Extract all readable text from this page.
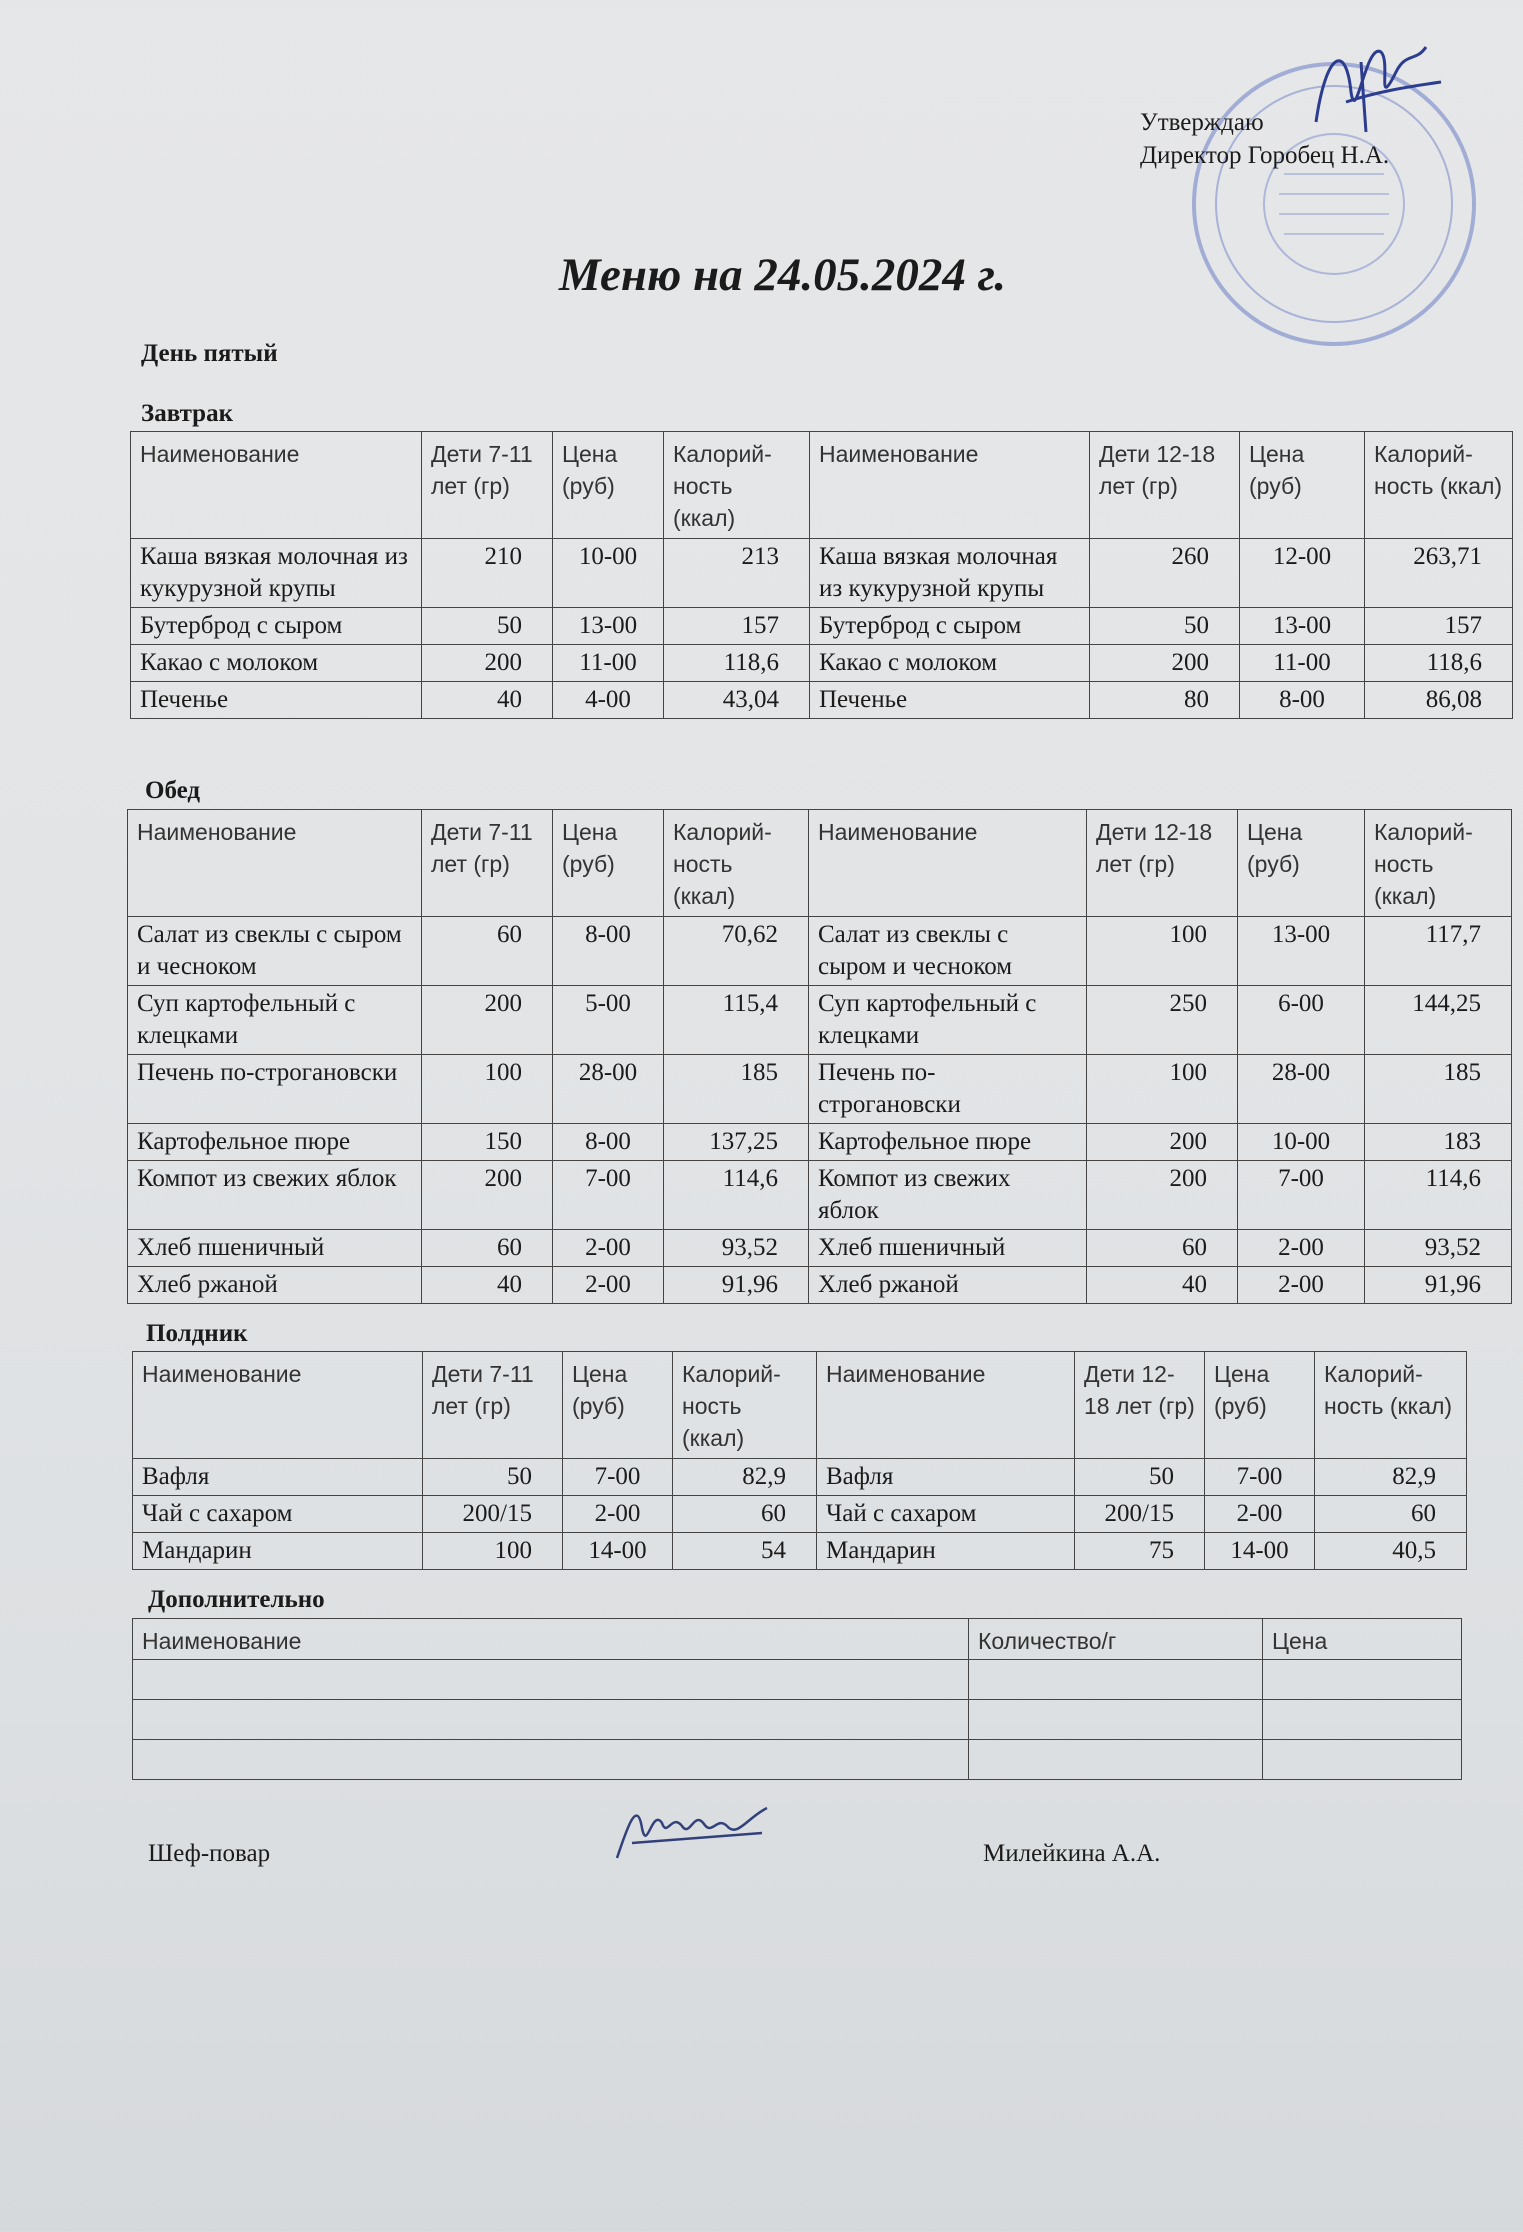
Утверждаю
Директор Горобец Н.А.
Меню на 24.05.2024 г.
День пятый
Завтрак
Наименование	Дети 7-11 лет (гр)	Цена (руб)	Калорий-ность (ккал)	Наименование	Дети 12-18 лет (гр)	Цена (руб)	Калорий-ность (ккал)
Каша вязкая молочная из кукурузной крупы	210	10-00	213	Каша вязкая молочная из кукурузной крупы	260	12-00	263,71
Бутерброд с сыром	50	13-00	157	Бутерброд с сыром	50	13-00	157
Какао с молоком	200	11-00	118,6	Какао с молоком	200	11-00	118,6
Печенье	40	4-00	43,04	Печенье	80	8-00	86,08
Обед
Наименование	Дети 7-11 лет (гр)	Цена (руб)	Калорий-ность (ккал)	Наименование	Дети 12-18 лет (гр)	Цена (руб)	Калорий-ность (ккал)
Салат из свеклы с сыром и чесноком	60	8-00	70,62	Салат из свеклы с сыром и чесноком	100	13-00	117,7
Суп картофельный с клецками	200	5-00	115,4	Суп картофельный с клецками	250	6-00	144,25
Печень по-строгановски	100	28-00	185	Печень по-строгановски	100	28-00	185
Картофельное пюре	150	8-00	137,25	Картофельное пюре	200	10-00	183
Компот из свежих яблок	200	7-00	114,6	Компот из свежих яблок	200	7-00	114,6
Хлеб пшеничный	60	2-00	93,52	Хлеб пшеничный	60	2-00	93,52
Хлеб ржаной	40	2-00	91,96	Хлеб ржаной	40	2-00	91,96
Полдник
Наименование	Дети 7-11 лет (гр)	Цена (руб)	Калорий-ность (ккал)	Наименование	Дети 12-18 лет (гр)	Цена (руб)	Калорий-ность (ккал)
Вафля	50	7-00	82,9	Вафля	50	7-00	82,9
Чай с сахаром	200/15	2-00	60	Чай с сахаром	200/15	2-00	60
Мандарин	100	14-00	54	Мандарин	75	14-00	40,5
Дополнительно
Наименование	Количество/г	Цена

Шеф-повар	Милейкина А.А.
